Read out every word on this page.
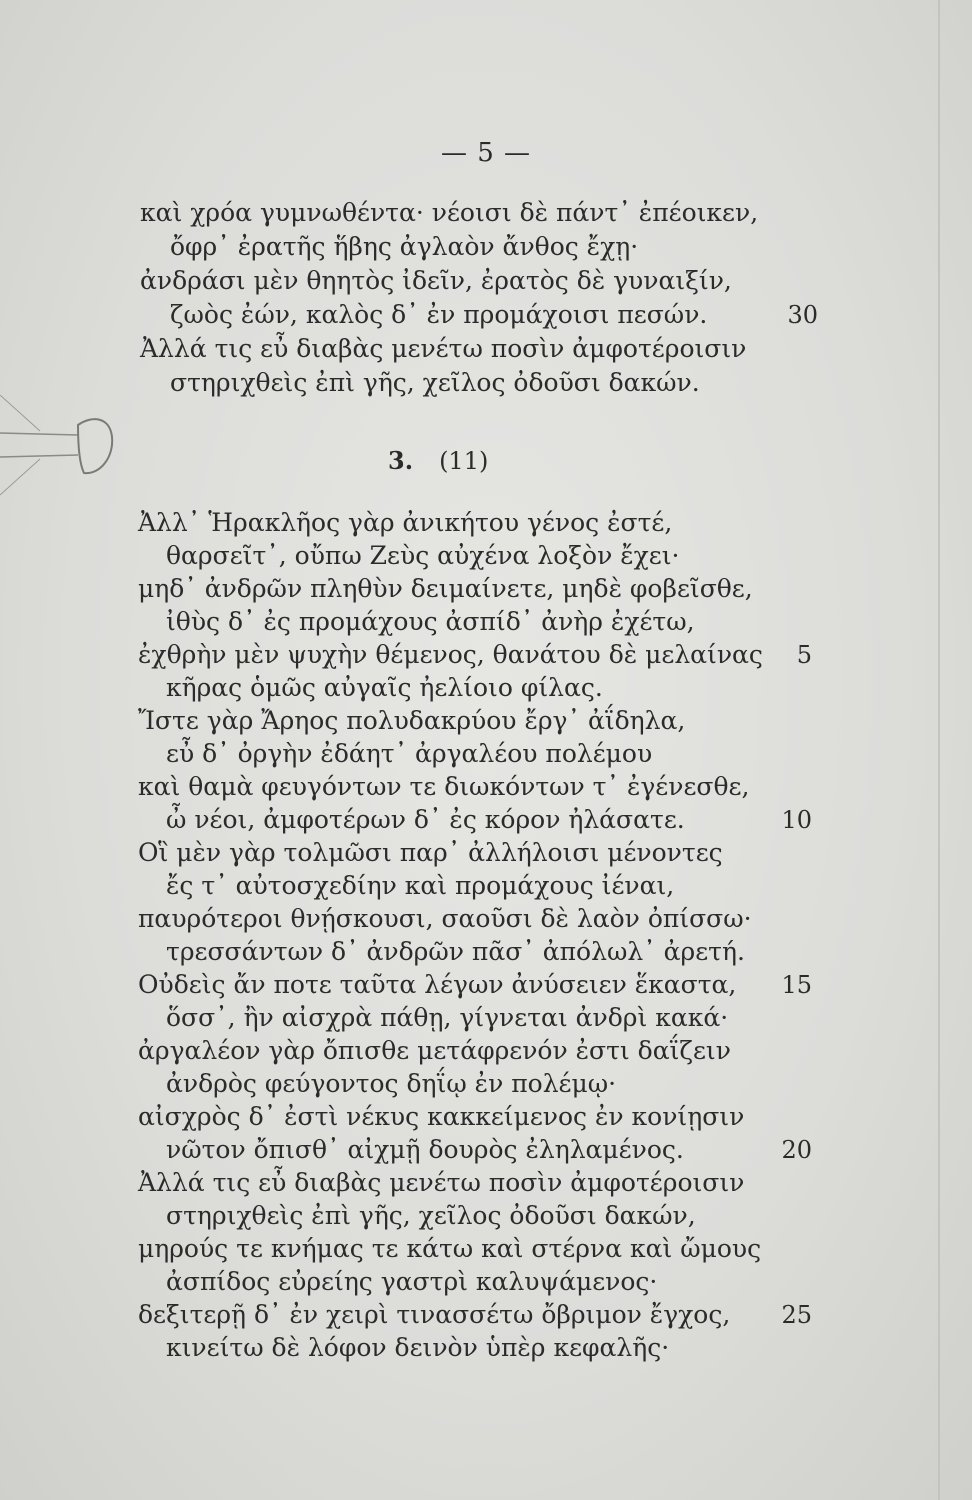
— 5 —
καὶ χρόα γυμνωθέντα· νέοισι δὲ πάντ᾽ ἐπέοικεν,
ὄφρ᾽ ἐρατῆς ἥβης ἀγλαὸν ἄνθος ἔχῃ·
ἀνδράσι μὲν θηητὸς ἰδεῖν, ἐρατὸς δὲ γυναιξίν,
ζωὸς ἐών, καλὸς δ᾽ ἐν προμάχοισι πεσών.	30
Ἀλλά τις εὖ διαβὰς μενέτω ποσὶν ἀμφοτέροισιν
στηριχθεὶς ἐπὶ γῆς, χεῖλος ὀδοῦσι δακών.
3. (11)
Ἀλλ᾽ Ἡρακλῆος γὰρ ἀνικήτου γένος ἐστέ,
θαρσεῖτ᾽, οὔπω Ζεὺς αὐχένα λοξὸν ἔχει·
μηδ᾽ ἀνδρῶν πληθὺν δειμαίνετε, μηδὲ φοβεῖσθε,
ἰθὺς δ᾽ ἐς προμάχους ἀσπίδ᾽ ἀνὴρ ἐχέτω,
ἐχθρὴν μὲν ψυχὴν θέμενος, θανάτου δὲ μελαίνας	5
κῆρας ὁμῶς αὐγαῖς ἠελίοιο φίλας.
Ἴστε γὰρ Ἄρηος πολυδακρύου ἔργ᾽ ἀΐδηλα,
εὖ δ᾽ ὀργὴν ἐδάητ᾽ ἀργαλέου πολέμου
καὶ θαμὰ φευγόντων τε διωκόντων τ᾽ ἐγένεσθε,
ὦ νέοι, ἀμφοτέρων δ᾽ ἐς κόρον ἠλάσατε.	10
Οἳ μὲν γὰρ τολμῶσι παρ᾽ ἀλλήλοισι μένοντες
ἔς τ᾽ αὐτοσχεδίην καὶ προμάχους ἰέναι,
παυρότεροι θνῄσκουσι, σαοῦσι δὲ λαὸν ὀπίσσω·
τρεσσάντων δ᾽ ἀνδρῶν πᾶσ᾽ ἀπόλωλ᾽ ἀρετή.
Οὐδεὶς ἄν ποτε ταῦτα λέγων ἀνύσειεν ἕκαστα,	15
ὅσσ᾽, ἢν αἰσχρὰ πάθῃ, γίγνεται ἀνδρὶ κακά·
ἀργαλέον γὰρ ὄπισθε μετάφρενόν ἐστι δαΐζειν
ἀνδρὸς φεύγοντος δηΐῳ ἐν πολέμῳ·
αἰσχρὸς δ᾽ ἐστὶ νέκυς κακκείμενος ἐν κονίῃσιν
νῶτον ὄπισθ᾽ αἰχμῇ δουρὸς ἐληλαμένος.	20
Ἀλλά τις εὖ διαβὰς μενέτω ποσὶν ἀμφοτέροισιν
στηριχθεὶς ἐπὶ γῆς, χεῖλος ὀδοῦσι δακών,
μηρούς τε κνήμας τε κάτω καὶ στέρνα καὶ ὤμους
ἀσπίδος εὐρείης γαστρὶ καλυψάμενος·
δεξιτερῇ δ᾽ ἐν χειρὶ τινασσέτω ὄβριμον ἔγχος,	25
κινείτω δὲ λόφον δεινὸν ὑπὲρ κεφαλῆς·
